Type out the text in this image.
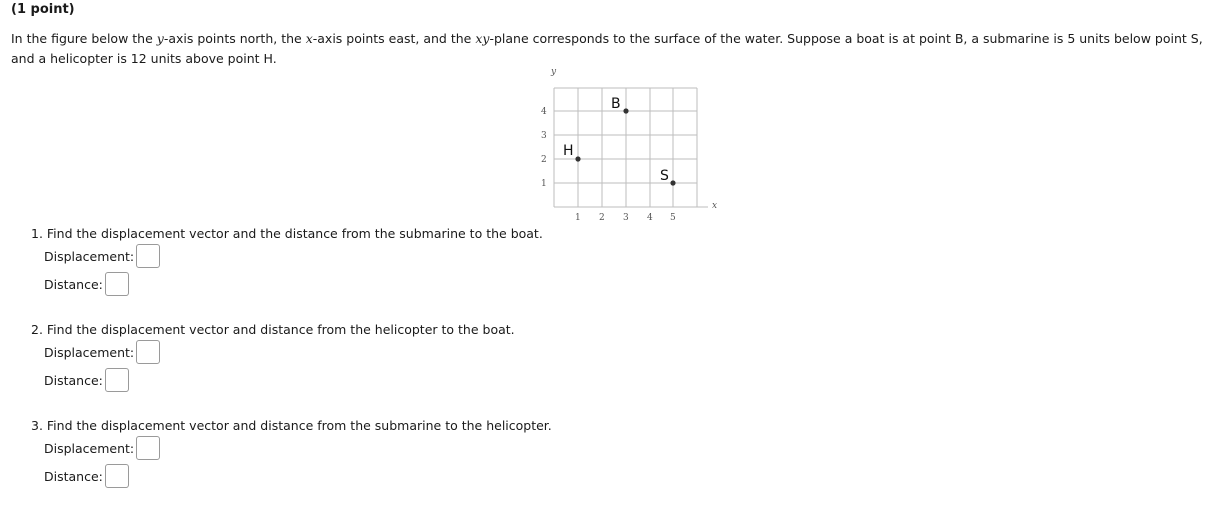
(1 point)
In the figure below the y-axis points north, the x-axis points east, and the xy-plane corresponds to the surface of the water. Suppose a boat is at point B, a submarine is 5 units below point S, and a helicopter is 12 units above point H.
y
x
1
2
3
4
1 2 3 4 5
B
H
S
1. Find the displacement vector and the distance from the submarine to the boat.
Displacement:
Distance:
2. Find the displacement vector and distance from the helicopter to the boat.
Displacement:
Distance:
3. Find the displacement vector and distance from the submarine to the helicopter.
Displacement:
Distance:
